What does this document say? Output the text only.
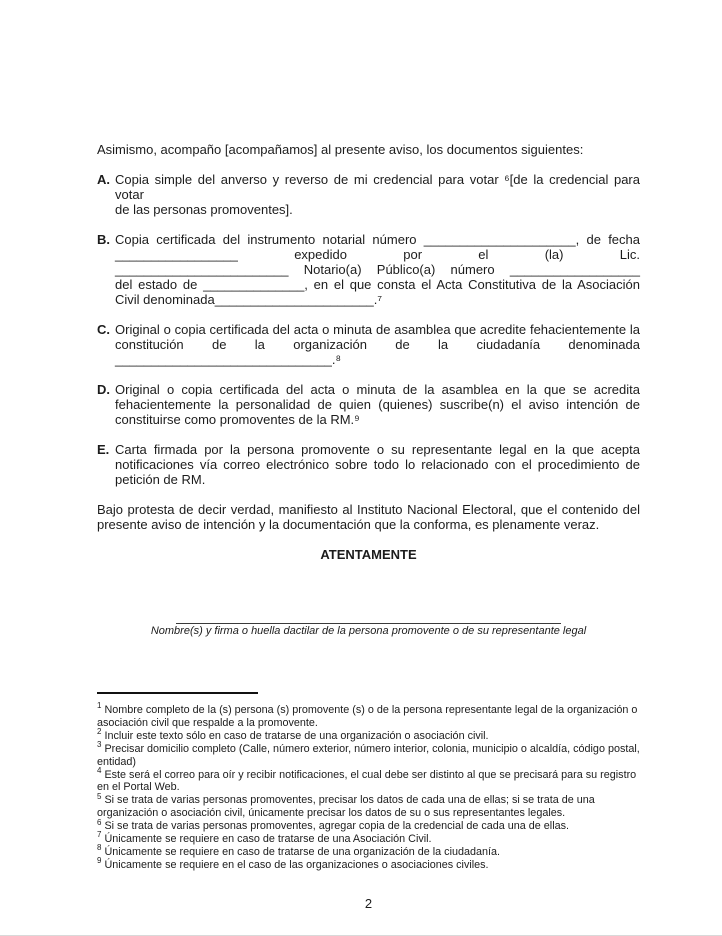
Asimismo, acompaño [acompañamos] al presente aviso, los documentos siguientes:
A. Copia simple del anverso y reverso de mi credencial para votar ⁶[de la credencial para votar
de las personas promoventes].
B. Copia certificada del instrumento notarial número _____________________, de fecha
_________________ expedido por el (la) Lic.
________________________ Notario(a) Público(a) número __________________
del estado de ______________, en el que consta el Acta Constitutiva de la Asociación
Civil denominada______________________.⁷
C. Original o copia certificada del acta o minuta de asamblea que acredite fehacientemente la
constitución de la organización de la ciudadanía denominada
______________________________.⁸
D. Original o copia certificada del acta o minuta de la asamblea en la que se acredita
fehacientemente la personalidad de quien (quienes) suscribe(n) el aviso intención de
constituirse como promoventes de la RM.⁹
E. Carta firmada por la persona promovente o su representante legal en la que acepta
notificaciones vía correo electrónico sobre todo lo relacionado con el procedimiento de
petición de RM.
Bajo protesta de decir verdad, manifiesto al Instituto Nacional Electoral, que el contenido del
presente aviso de intención y la documentación que la conforma, es plenamente veraz.
ATENTAMENTE
Nombre(s) y firma o huella dactilar de la persona promovente o de su representante legal
$^1$ Nombre completo de la (s) persona (s) promovente (s) o de la persona representante legal de la organización o asociación civil que respalde a la promovente.
$^2$ Incluir este texto sólo en caso de tratarse de una organización o asociación civil.
$^3$ Precisar domicilio completo (Calle, número exterior, número interior, colonia, municipio o alcaldía, código postal, entidad)
$^4$ Este será el correo para oír y recibir notificaciones, el cual debe ser distinto al que se precisará para su registro en el Portal Web.
$^5$ Si se trata de varias personas promoventes, precisar los datos de cada una de ellas; si se trata de una organización o asociación civil, únicamente precisar los datos de su o sus representantes legales.
$^6$ Si se trata de varias personas promoventes, agregar copia de la credencial de cada una de ellas.
$^7$ Únicamente se requiere en caso de tratarse de una Asociación Civil.
$^8$ Únicamente se requiere en caso de tratarse de una organización de la ciudadanía.
$^9$ Únicamente se requiere en el caso de las organizaciones o asociaciones civiles.
2
